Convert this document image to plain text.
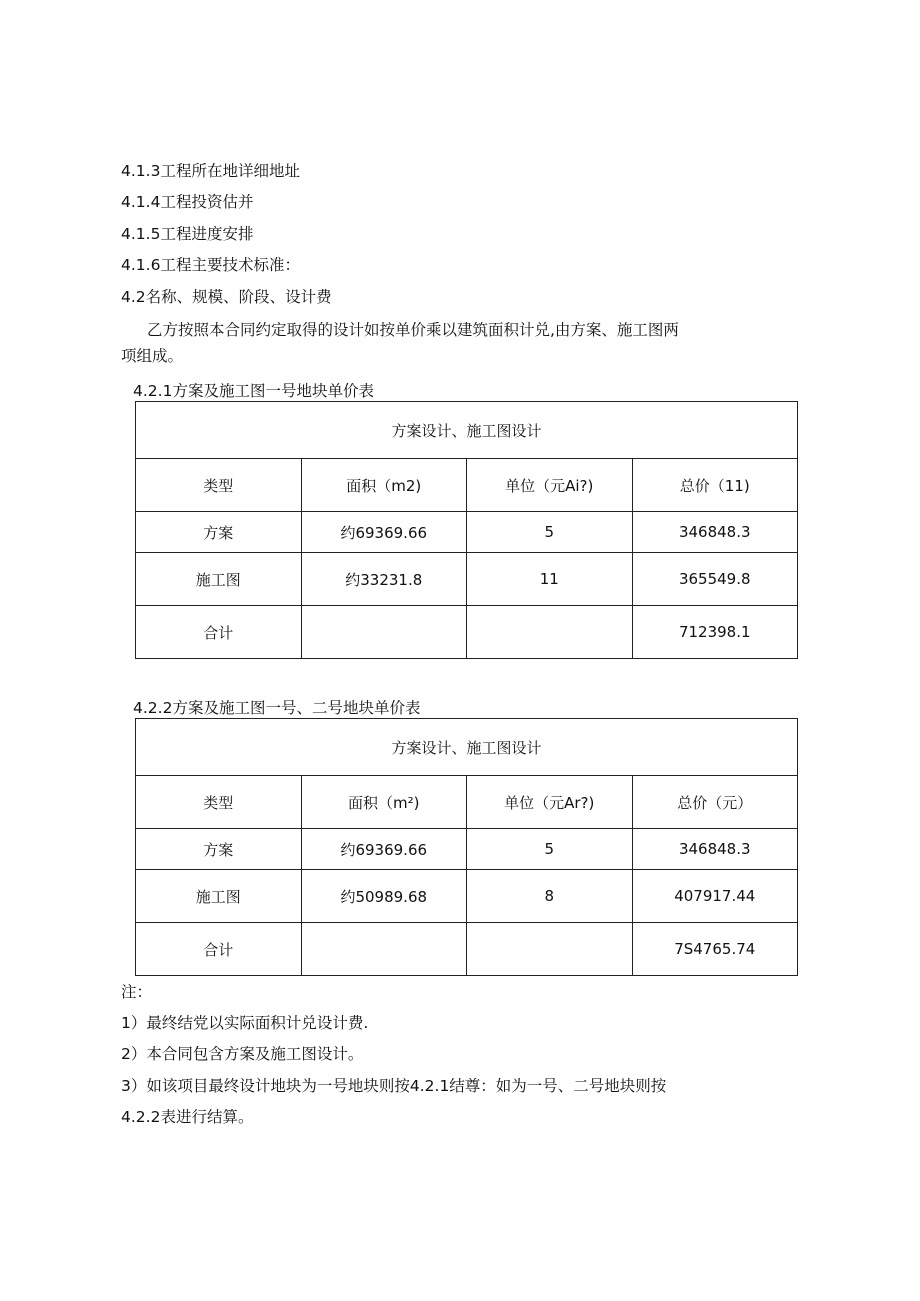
4.1.3工程所在地详细地址
4.1.4工程投资估并
4.1.5工程进度安排
4.1.6工程主要技术标准：
4.2名称、规模、阶段、设计费

乙方按照本合同约定取得的设计如按单价乘以建筑面积计兑,由方案、施工图两

项组成。

4.2.1方案及施工图一号地块单价表
方案设计、施工图设计			
类型	面积（m2)	单位（元Ai?)	总价（11)
方案	约69369.66	5	346848.3
施工图	约33231.8	11	365549.8
合计			712398.1
4.2.2方案及施工图一号、二号地块单价表
方案设计、施工图设计			
类型	面积（m²)	单位（元Ar?)	总价（元）
方案	约69369.66	5	346848.3
施工图	约50989.68	8	407917.44
合计			7S4765.74
注：
1）最终结党以实际面积计兑设计费.
2）本合同包含方案及施工图设计。
3）如该项目最终设计地块为一号地块则按4.2.1结尊：如为一号、二号地块则按
4.2.2表进行结算。
